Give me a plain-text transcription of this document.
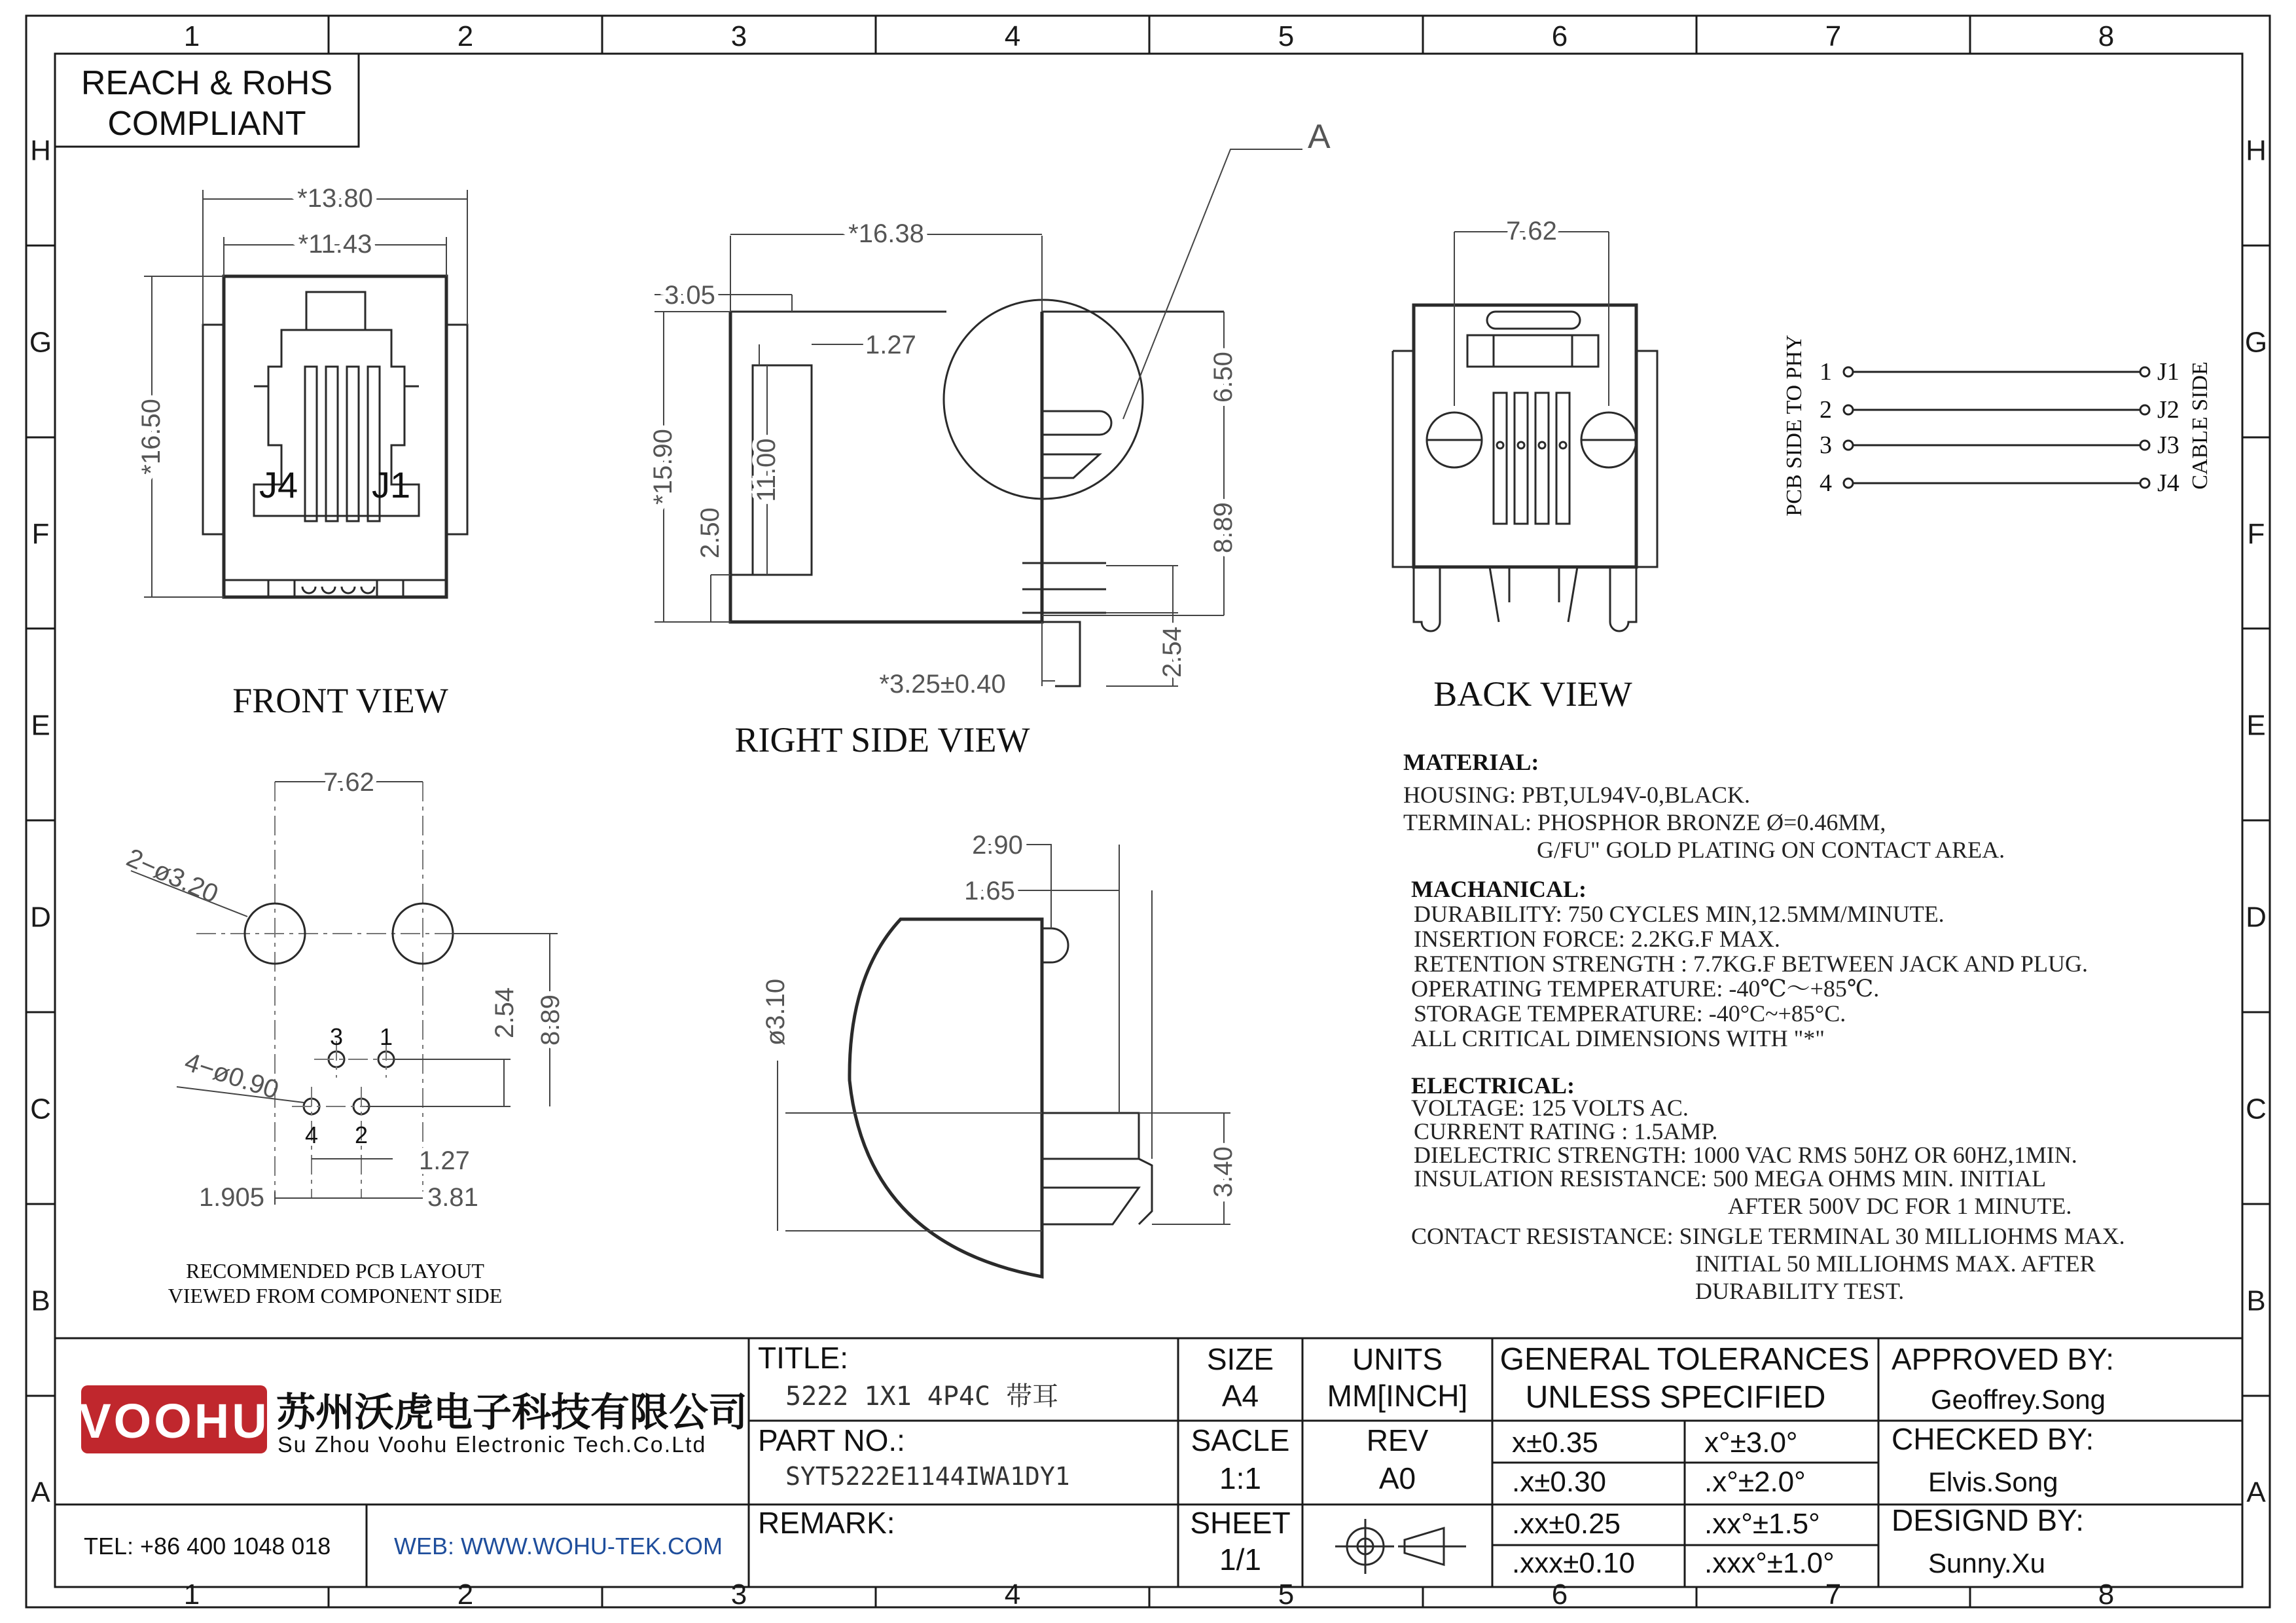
1
1
2
2
3
3
4
4
5
5
6
6
7
7
8
8
H	H
G	G
F	F
E	E
D	D
C	C
B	B
A	A
REACH & RoHS
COMPLIANT
J4 J1
*13.80
*11.43
*16.50
FRONT VIEW
A
*16.38
3.05
1.27
*15.90	11.00
2.50
6.50
8.89
2.54
*3.25±0.40
RIGHT SIDE VIEW
7.62
BACK VIEW
7.62
2−ø3.20
4−ø0.90
2.54 8.89
1.27
1.905	3.81
3 1
4 2
RECOMMENDED PCB LAYOUT
VIEWED FROM COMPONENT SIDE
2.90
1.65
ø3.10
3.40
PCB SIDE TO PHY	CABLE SIDE
1	J1
2	J2
3	J3
4	J4
MATERIAL:
HOUSING: PBT,UL94V-0,BLACK.
TERMINAL: PHOSPHOR BRONZE Ø=0.46MM,
G/FU" GOLD PLATING ON CONTACT AREA.
MACHANICAL:
DURABILITY: 750 CYCLES MIN,12.5MM/MINUTE.
INSERTION FORCE: 2.2KG.F MAX.
RETENTION STRENGTH : 7.7KG.F BETWEEN JACK AND PLUG.
OPERATING TEMPERATURE: -40℃～+85℃.
STORAGE TEMPERATURE: -40°C~+85°C.
ALL CRITICAL DIMENSIONS WITH "*"
ELECTRICAL:
VOLTAGE: 125 VOLTS AC.
CURRENT RATING : 1.5AMP.
DIELECTRIC STRENGTH: 1000 VAC RMS 50HZ OR 60HZ,1MIN.
INSULATION RESISTANCE: 500 MEGA OHMS MIN. INITIAL
AFTER 500V DC FOR 1 MINUTE.
CONTACT RESISTANCE: SINGLE TERMINAL 30 MILLIOHMS MAX.
INITIAL 50 MILLIOHMS MAX. AFTER
DURABILITY TEST.
VOOHU 苏州沃虎电子科技有限公司
Su Zhou Voohu Electronic Tech.Co.Ltd
TEL: +86 400 1048 018	WEB: WWW.WOHU-TEK.COM
TITLE:
5222 1X1 4P4C 带耳
PART NO.:
SYT5222E1144IWA1DY1
REMARK:
SIZE
A4
SACLE
1:1
SHEET
1/1
UNITS
MM[INCH]
REV
A0
GENERAL TOLERANCES
UNLESS SPECIFIED
x±0.35	x°±3.0°
.x±0.30	.x°±2.0°
.xx±0.25	.xx°±1.5°
.xxx±0.10 .xxx°±1.0°
APPROVED BY:
Geoffrey.Song
CHECKED BY:
Elvis.Song
DESIGND BY:
Sunny.Xu
